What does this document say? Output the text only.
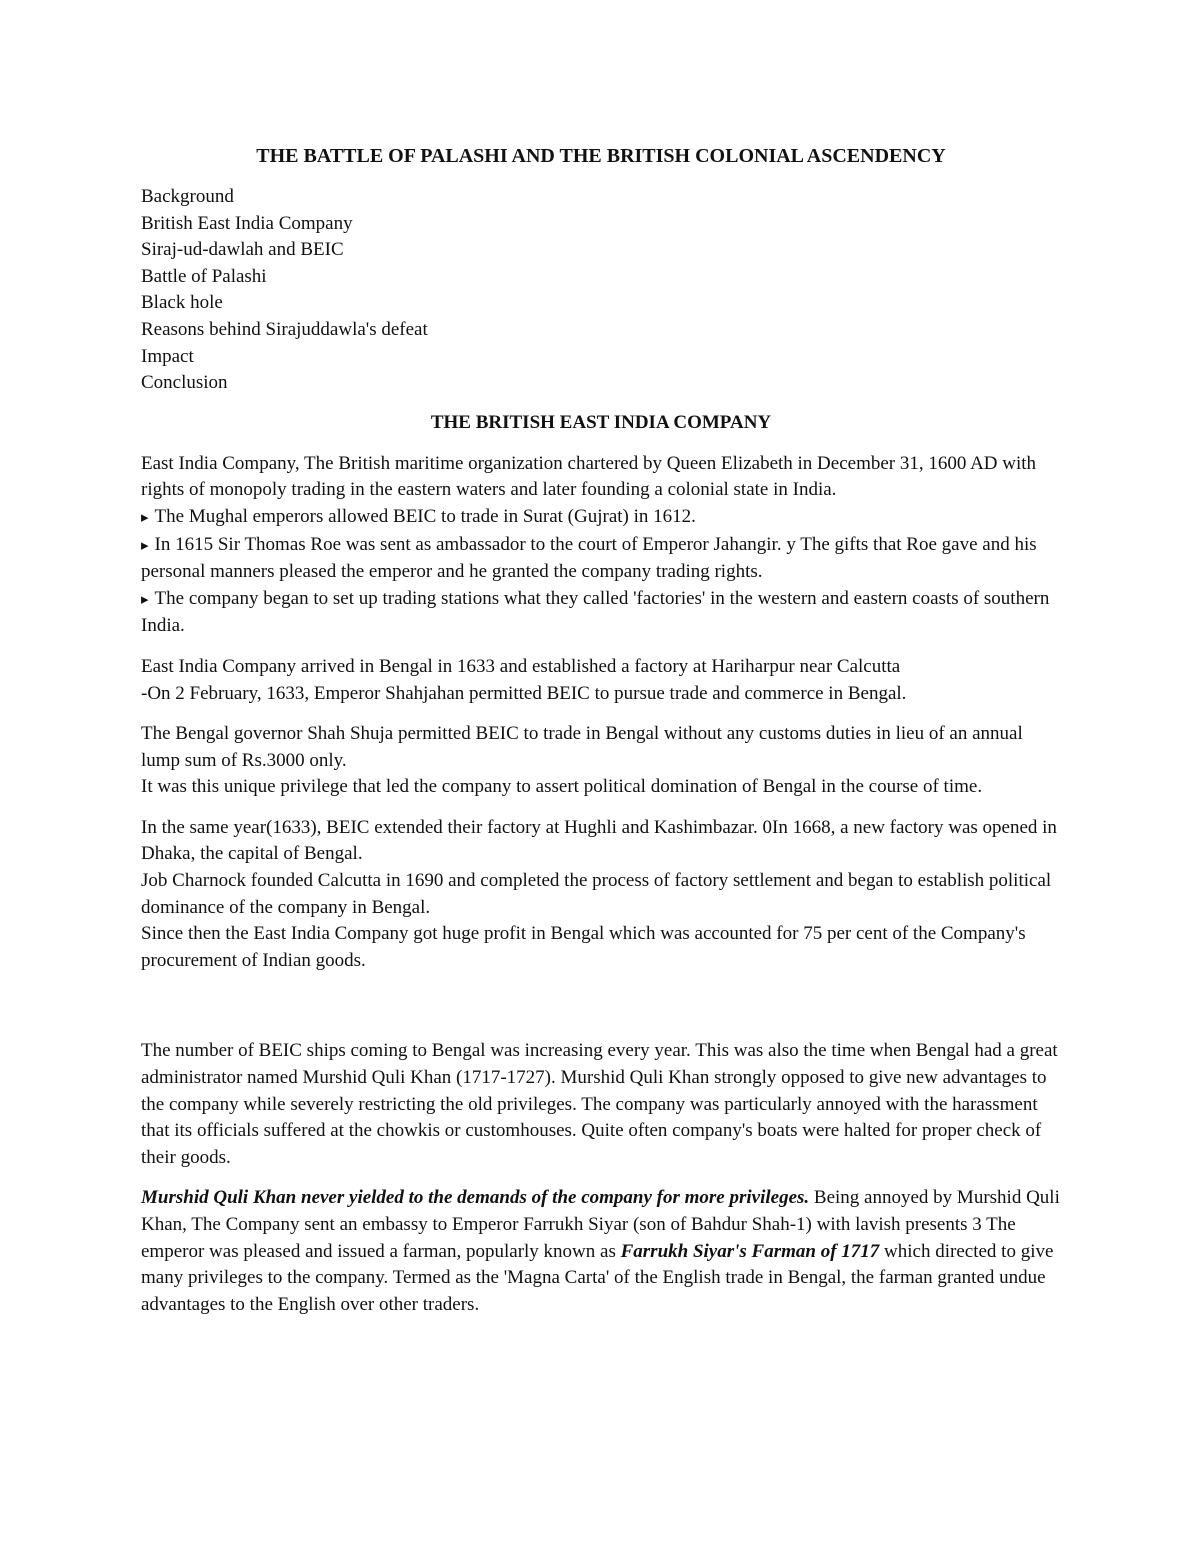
THE BATTLE OF PALASHI AND THE BRITISH COLONIAL ASCENDENCY
Background
British East India Company
Siraj-ud-dawlah and BEIC
Battle of Palashi
Black hole
Reasons behind Sirajuddawla's defeat
Impact
Conclusion
THE BRITISH EAST INDIA COMPANY

East India Company, The British maritime organization chartered by Queen Elizabeth in December 31, 1600 AD with rights of monopoly trading in the eastern waters and later founding a colonial state in India.
▸ The Mughal emperors allowed BEIC to trade in Surat (Gujrat) in 1612.
▸ In 1615 Sir Thomas Roe was sent as ambassador to the court of Emperor Jahangir. y The gifts that Roe gave and his personal manners pleased the emperor and he granted the company trading rights.
▸ The company began to set up trading stations what they called 'factories' in the western and eastern coasts of southern India.

East India Company arrived in Bengal in 1633 and established a factory at Hariharpur near Calcutta
-On 2 February, 1633, Emperor Shahjahan permitted BEIC to pursue trade and commerce in Bengal.

The Bengal governor Shah Shuja permitted BEIC to trade in Bengal without any customs duties in lieu of an annual lump sum of Rs.3000 only.
It was this unique privilege that led the company to assert political domination of Bengal in the course of time.

In the same year(1633), BEIC extended their factory at Hughli and Kashimbazar. 0In 1668, a new factory was opened in Dhaka, the capital of Bengal.
Job Charnock founded Calcutta in 1690 and completed the process of factory settlement and began to establish political dominance of the company in Bengal.
Since then the East India Company got huge profit in Bengal which was accounted for 75 per cent of the Company's procurement of Indian goods.

The number of BEIC ships coming to Bengal was increasing every year. This was also the time when Bengal had a great administrator named Murshid Quli Khan (1717-1727). Murshid Quli Khan strongly opposed to give new advantages to the company while severely restricting the old privileges. The company was particularly annoyed with the harassment that its officials suffered at the chowkis or customhouses. Quite often company's boats were halted for proper check of their goods.

Murshid Quli Khan never yielded to the demands of the company for more privileges. Being annoyed by Murshid Quli Khan, The Company sent an embassy to Emperor Farrukh Siyar (son of Bahdur Shah-1) with lavish presents 3 The emperor was pleased and issued a farman, popularly known as Farrukh Siyar's Farman of 1717 which directed to give many privileges to the company. Termed as the 'Magna Carta' of the English trade in Bengal, the farman granted undue advantages to the English over other traders.
